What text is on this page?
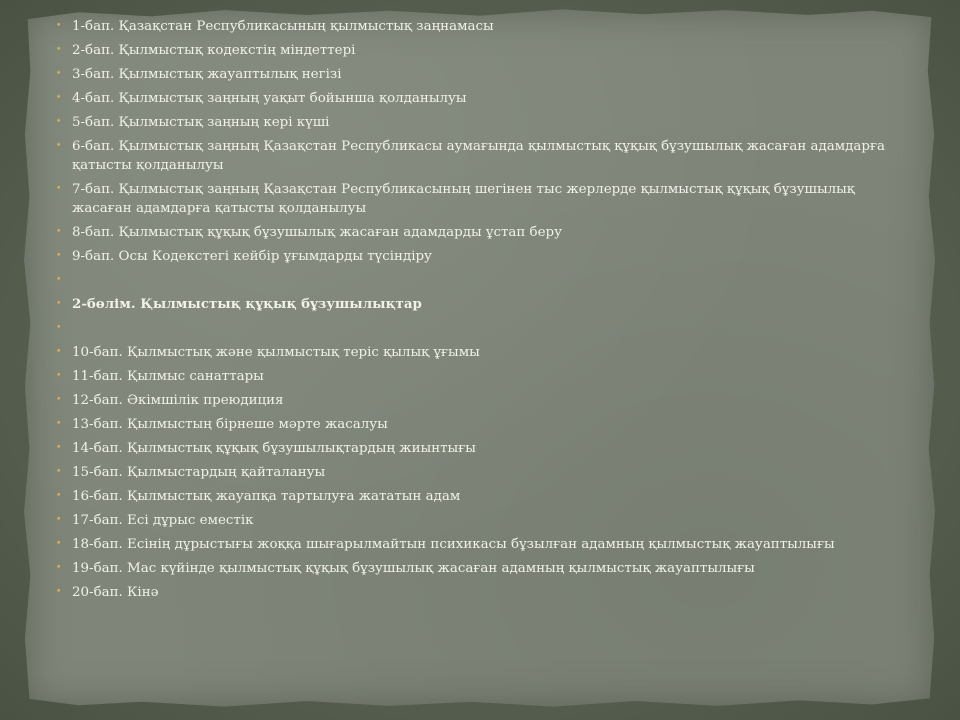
• 1-бап. Қазақстан Республикасының қылмыстық заңнамасы
• 2-бап. Қылмыстық кодекстің міндеттері
• 3-бап. Қылмыстық жауаптылық негізі
• 4-бап. Қылмыстық заңның уақыт бойынша қолданылуы
• 5-бап. Қылмыстық заңның кері күші
• 6-бап. Қылмыстық заңның Қазақстан Республикасы аумағында қылмыстық құқық бұзушылық жасаған адамдарға қатысты қолданылуы
• 7-бап. Қылмыстық заңның Қазақстан Республикасының шегінен тыс жерлерде қылмыстық құқық бұзушылық жасаған адамдарға қатысты қолданылуы
• 8-бап. Қылмыстық құқық бұзушылық жасаған адамдарды ұстап беру
• 9-бап. Осы Кодекстегі кейбір ұғымдарды түсіндіру
•
• 2-бөлім. Қылмыстық құқық бұзушылықтар
•
• 10-бап. Қылмыстық және қылмыстық теріс қылық ұғымы
• 11-бап. Қылмыс санаттары
• 12-бап. Әкімшілік преюдиция
• 13-бап. Қылмыстың бірнеше мәрте жасалуы
• 14-бап. Қылмыстық құқық бұзушылықтардың жиынтығы
• 15-бап. Қылмыстардың қайталануы
• 16-бап. Қылмыстық жауапқа тартылуға жататын адам
• 17-бап. Есі дұрыс еместік
• 18-бап. Есінің дұрыстығы жоққа шығарылмайтын психикасы бұзылған адамның қылмыстық жауаптылығы
• 19-бап. Мас күйінде қылмыстық құқық бұзушылық жасаған адамның қылмыстық жауаптылығы
• 20-бап. Кінә
